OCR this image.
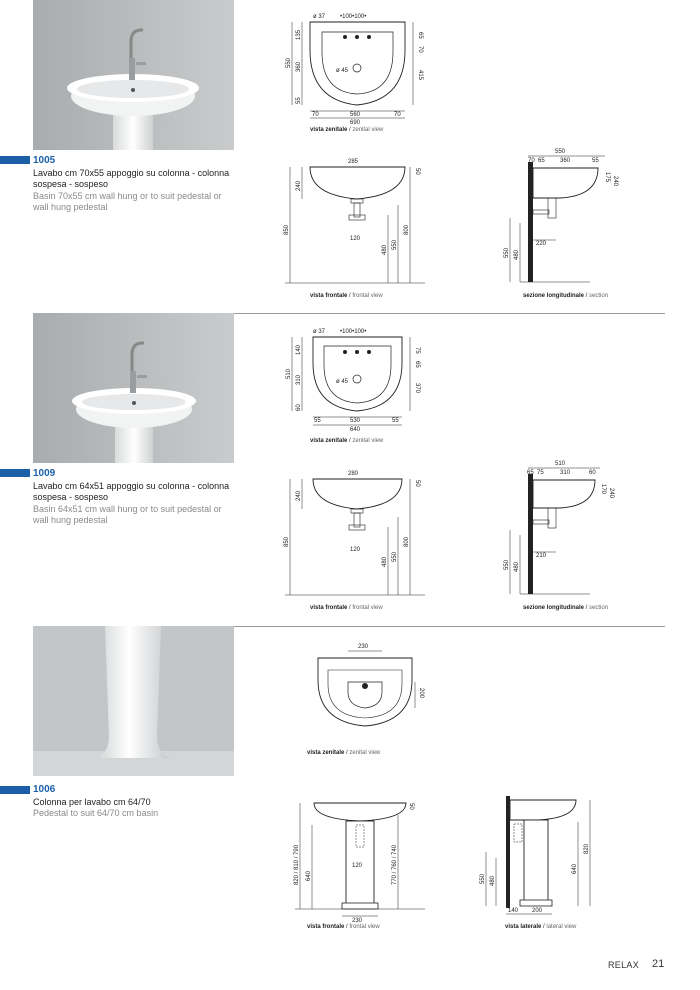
1005
Lavabo cm 70x55 appoggio su colonna - colonna sospesa - sospeso
Basin 70x55 cm wall hung or to suit pedestal or wall hung pedestal
ø 37 •100•100•
ø 45
550
135
360
55
65
70
415
70	560	70
690
vista zenitale / zenital view
285
240
850
480 550
800
120
50
vista frontale / frontal view
550
70 65	360	55
175 240
550 480
220
sezione longitudinale / section
1009
Lavabo cm 64x51 appoggio su colonna - colonna sospesa - sospeso
Basin 64x51 cm wall hung or to suit pedestal or wall hung pedestal
ø 37 •100•100•
ø 45
510
140
310
60
75
65
370
55	530	55
640
vista zenitale / zenital view
280
240
850
480 550
800
120
50
vista frontale / frontal view
510
65 75	310	60
170 240
550 480
210
sezione longitudinale / section
1006
Colonna per lavabo cm 64/70
Pedestal to suit 64/70 cm basin
230
200
vista zenitale / zenital view
820 / 810 / 790 640	770 / 760 / 740
50
120
230
vista frontale / frontal view
550 480
640
820
140 200
vista laterale / lateral view
RELAX 21
